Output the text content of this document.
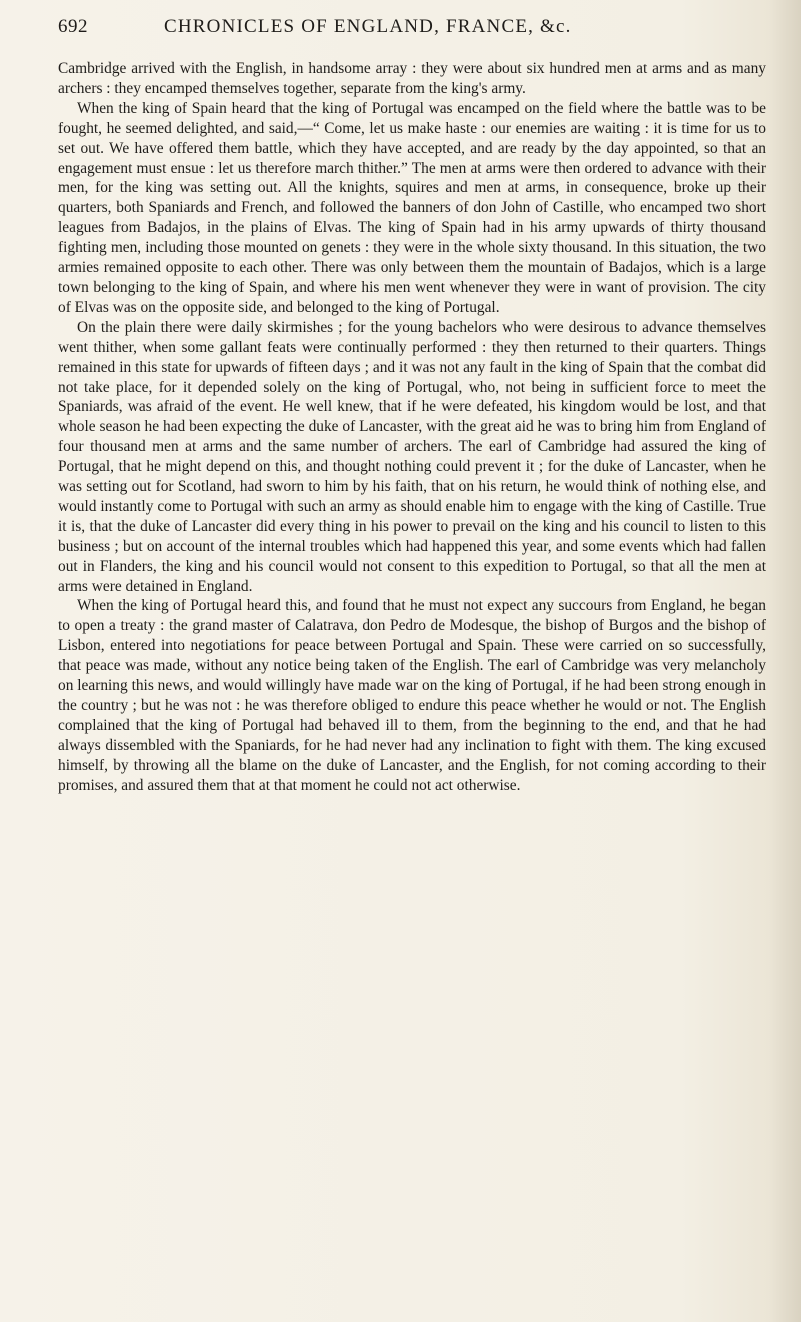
692	CHRONICLES OF ENGLAND, FRANCE, &c.

Cambridge arrived with the English, in handsome array : they were about six hundred men at arms and as many archers : they encamped themselves together, separate from the king's army.

When the king of Spain heard that the king of Portugal was encamped on the field where the battle was to be fought, he seemed delighted, and said,—“ Come, let us make haste : our enemies are waiting : it is time for us to set out. We have offered them battle, which they have accepted, and are ready by the day appointed, so that an engagement must ensue : let us therefore march thither.” The men at arms were then ordered to advance with their men, for the king was setting out. All the knights, squires and men at arms, in consequence, broke up their quarters, both Spaniards and French, and followed the banners of don John of Castille, who encamped two short leagues from Badajos, in the plains of Elvas. The king of Spain had in his army upwards of thirty thousand fighting men, including those mounted on genets : they were in the whole sixty thousand. In this situation, the two armies remained opposite to each other. There was only between them the mountain of Badajos, which is a large town belonging to the king of Spain, and where his men went whenever they were in want of provision. The city of Elvas was on the opposite side, and belonged to the king of Portugal.

On the plain there were daily skirmishes ; for the young bachelors who were desirous to advance themselves went thither, when some gallant feats were continually performed : they then returned to their quarters. Things remained in this state for upwards of fifteen days ; and it was not any fault in the king of Spain that the combat did not take place, for it depended solely on the king of Portugal, who, not being in sufficient force to meet the Spaniards, was afraid of the event. He well knew, that if he were defeated, his kingdom would be lost, and that whole season he had been expecting the duke of Lancaster, with the great aid he was to bring him from England of four thousand men at arms and the same number of archers. The earl of Cambridge had assured the king of Portugal, that he might depend on this, and thought nothing could prevent it ; for the duke of Lancaster, when he was setting out for Scotland, had sworn to him by his faith, that on his return, he would think of nothing else, and would instantly come to Portugal with such an army as should enable him to engage with the king of Castille. True it is, that the duke of Lancaster did every thing in his power to prevail on the king and his council to listen to this business ; but on account of the internal troubles which had happened this year, and some events which had fallen out in Flanders, the king and his council would not consent to this expedition to Portugal, so that all the men at arms were detained in England.

When the king of Portugal heard this, and found that he must not expect any succours from England, he began to open a treaty : the grand master of Calatrava, don Pedro de Modesque, the bishop of Burgos and the bishop of Lisbon, entered into negotiations for peace between Portugal and Spain. These were carried on so successfully, that peace was made, without any notice being taken of the English. The earl of Cambridge was very melancholy on learning this news, and would willingly have made war on the king of Portugal, if he had been strong enough in the country ; but he was not : he was therefore obliged to endure this peace whether he would or not. The English complained that the king of Portugal had behaved ill to them, from the beginning to the end, and that he had always dissembled with the Spaniards, for he had never had any inclination to fight with them. The king excused himself, by throwing all the blame on the duke of Lancaster, and the English, for not coming according to their promises, and assured them that at that moment he could not act otherwise.
